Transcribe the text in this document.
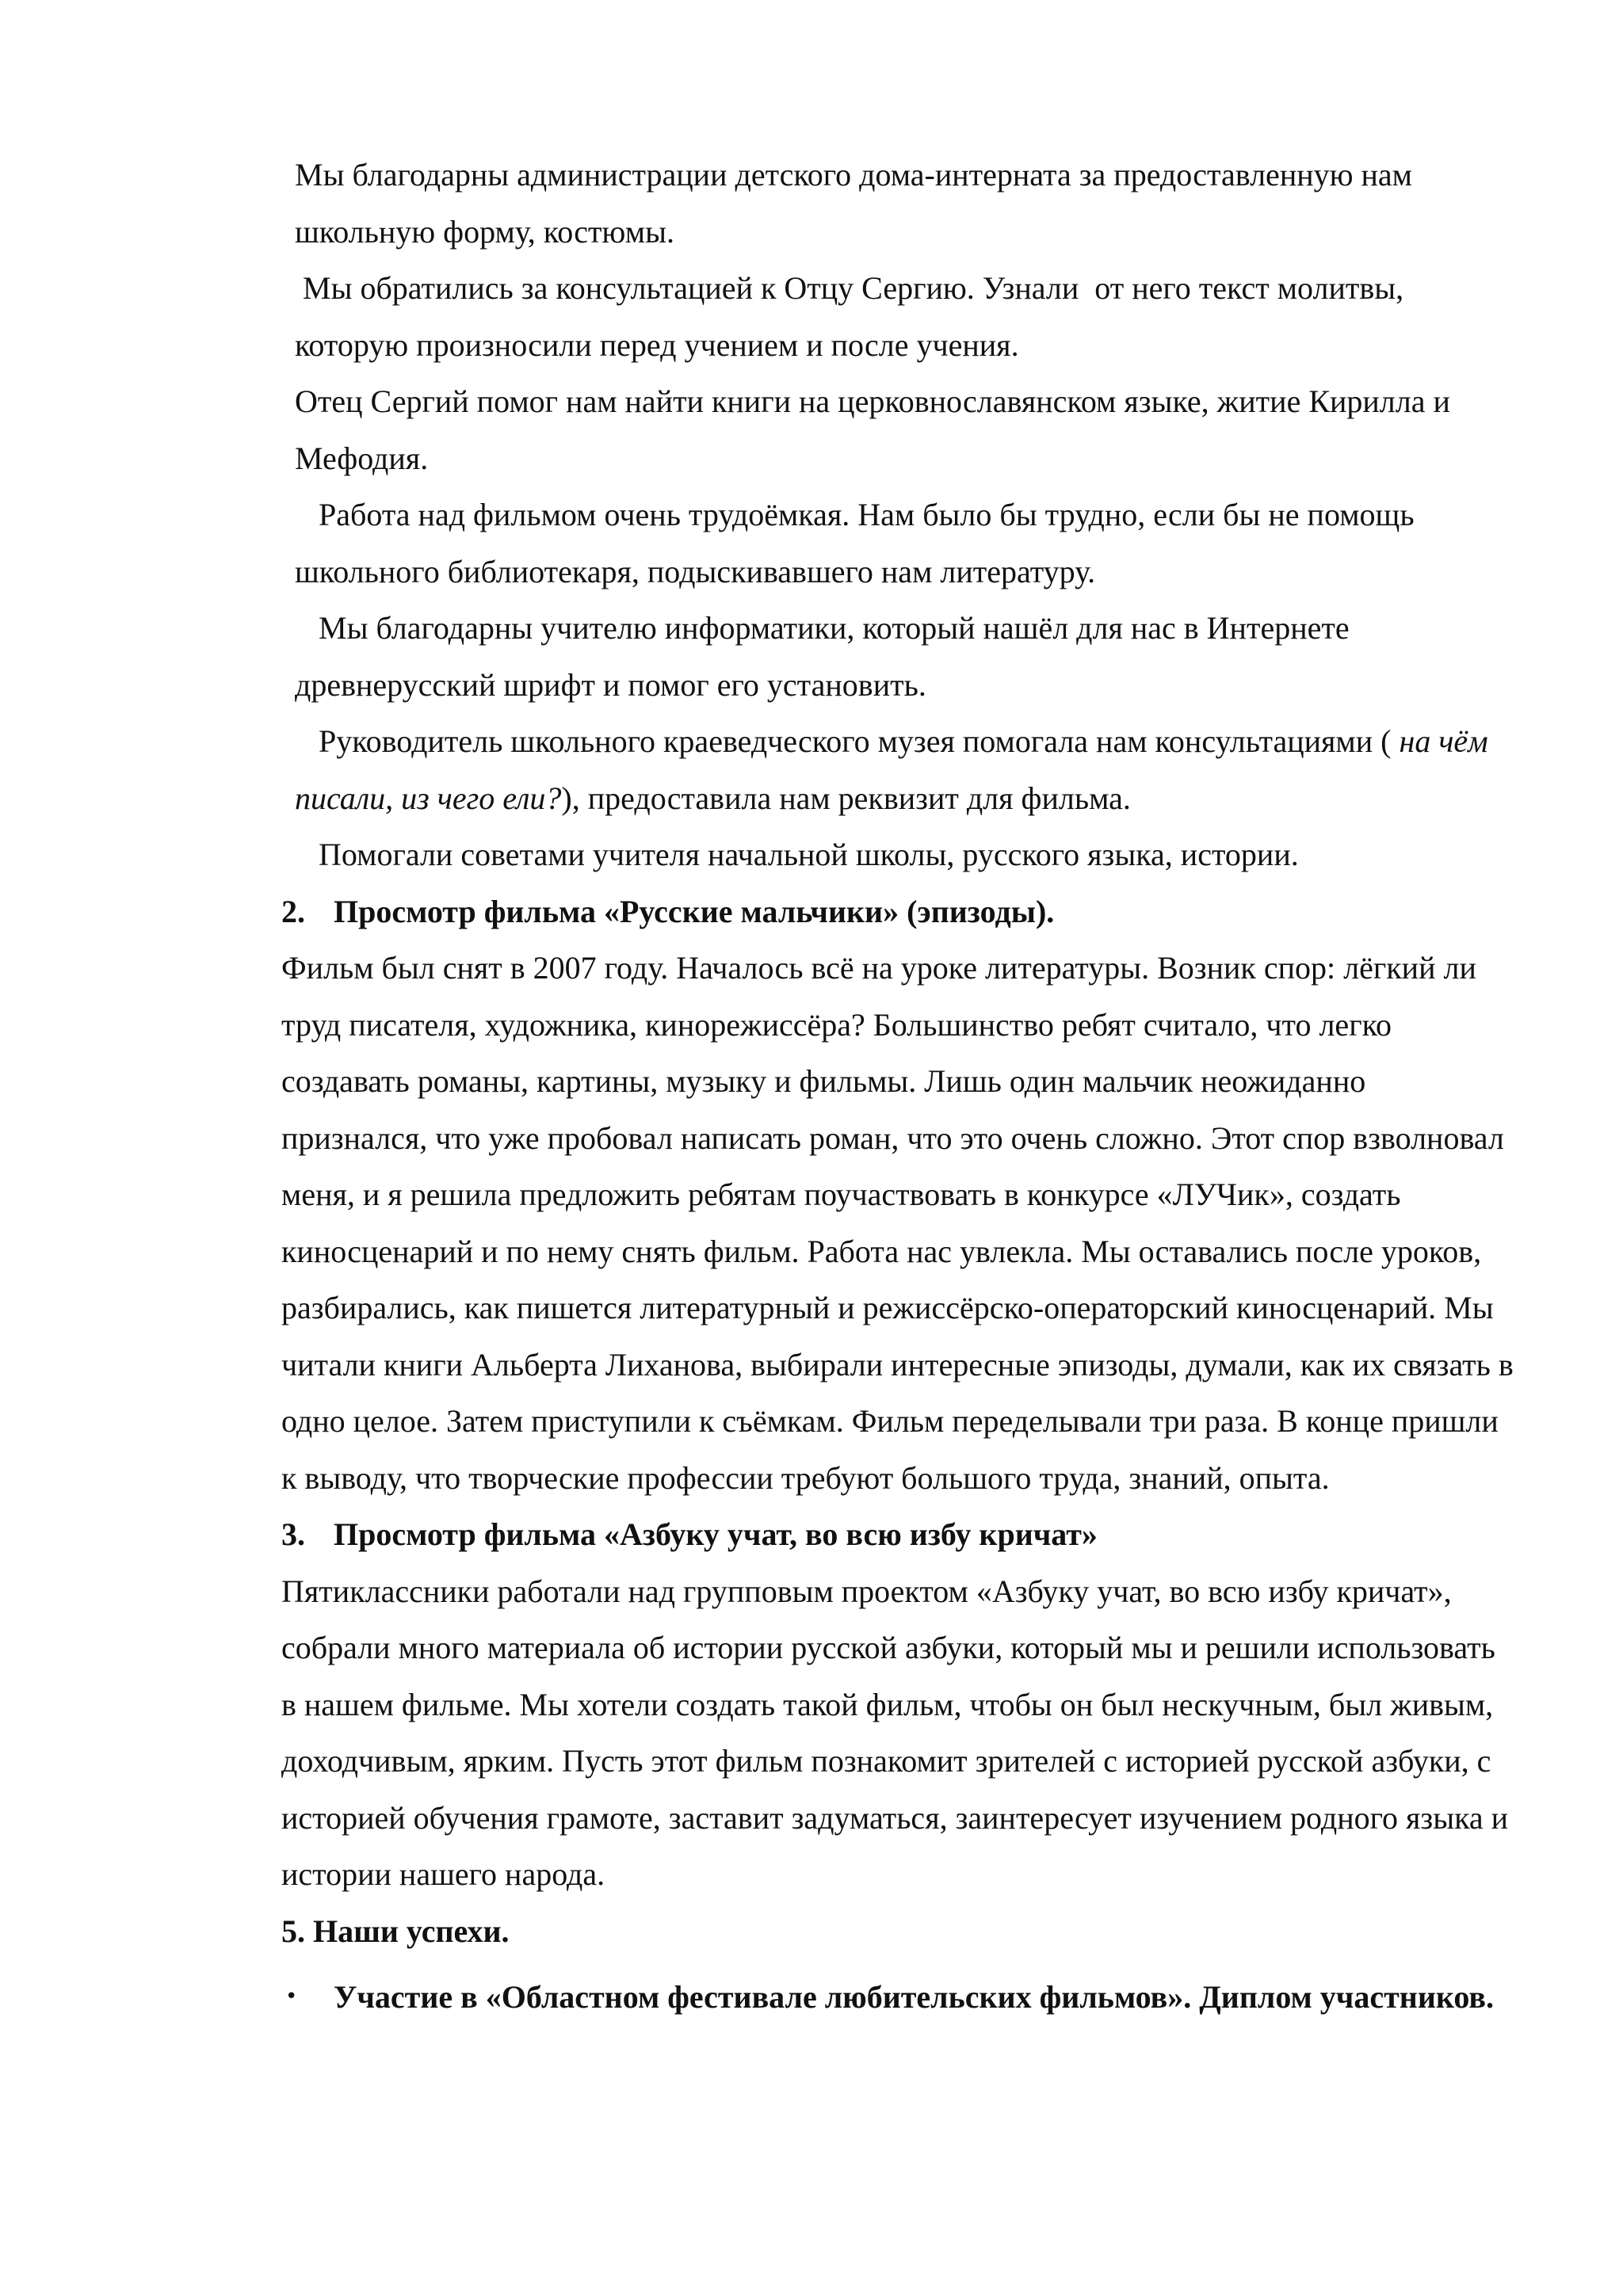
Мы благодарны администрации детского дома-интерната за предоставленную нам школьную форму, костюмы.

Мы обратились за консультацией к Отцу Сергию. Узнали  от него текст молитвы, которую произносили перед учением и после учения.

Отец Сергий помог нам найти книги на церковнославянском языке, житие Кирилла и Мефодия.

Работа над фильмом очень трудоёмкая. Нам было бы трудно, если бы не помощь школьного библиотекаря, подыскивавшего нам литературу.

Мы благодарны учителю информатики, который нашёл для нас в Интернете древнерусский шрифт и помог его установить.

Руководитель школьного краеведческого музея помогала нам консультациями ( на чём писали, из чего ели?), предоставила нам реквизит для фильма.

Помогали советами учителя начальной школы, русского языка, истории.

2. Просмотр фильма «Русские мальчики» (эпизоды).

Фильм был снят в 2007 году. Началось всё на уроке литературы. Возник спор: лёгкий ли труд писателя, художника, кинорежиссёра? Большинство ребят считало, что легко создавать романы, картины, музыку и фильмы. Лишь один мальчик неожиданно признался, что уже пробовал написать роман, что это очень сложно. Этот спор взволновал меня, и я решила предложить ребятам поучаствовать в конкурсе «ЛУЧик», создать киносценарий и по нему снять фильм. Работа нас увлекла. Мы оставались после уроков, разбирались, как пишется литературный и режиссёрско-операторский киносценарий. Мы читали книги Альберта Лиханова, выбирали интересные эпизоды, думали, как их связать в одно целое. Затем приступили к съёмкам. Фильм переделывали три раза. В конце пришли к выводу, что творческие профессии требуют большого труда, знаний, опыта.

3. Просмотр фильма «Азбуку учат, во всю избу кричат»

Пятиклассники работали над групповым проектом «Азбуку учат, во всю избу кричат», собрали много материала об истории русской азбуки, который мы и решили использовать в нашем фильме. Мы хотели создать такой фильм, чтобы он был нескучным, был живым, доходчивым, ярким. Пусть этот фильм познакомит зрителей с историей русской азбуки, с историей обучения грамоте, заставит задуматься, заинтересует изучением родного языка и истории нашего народа.

5. Наши успехи.

• Участие в «Областном фестивале любительских фильмов». Диплом участников.
